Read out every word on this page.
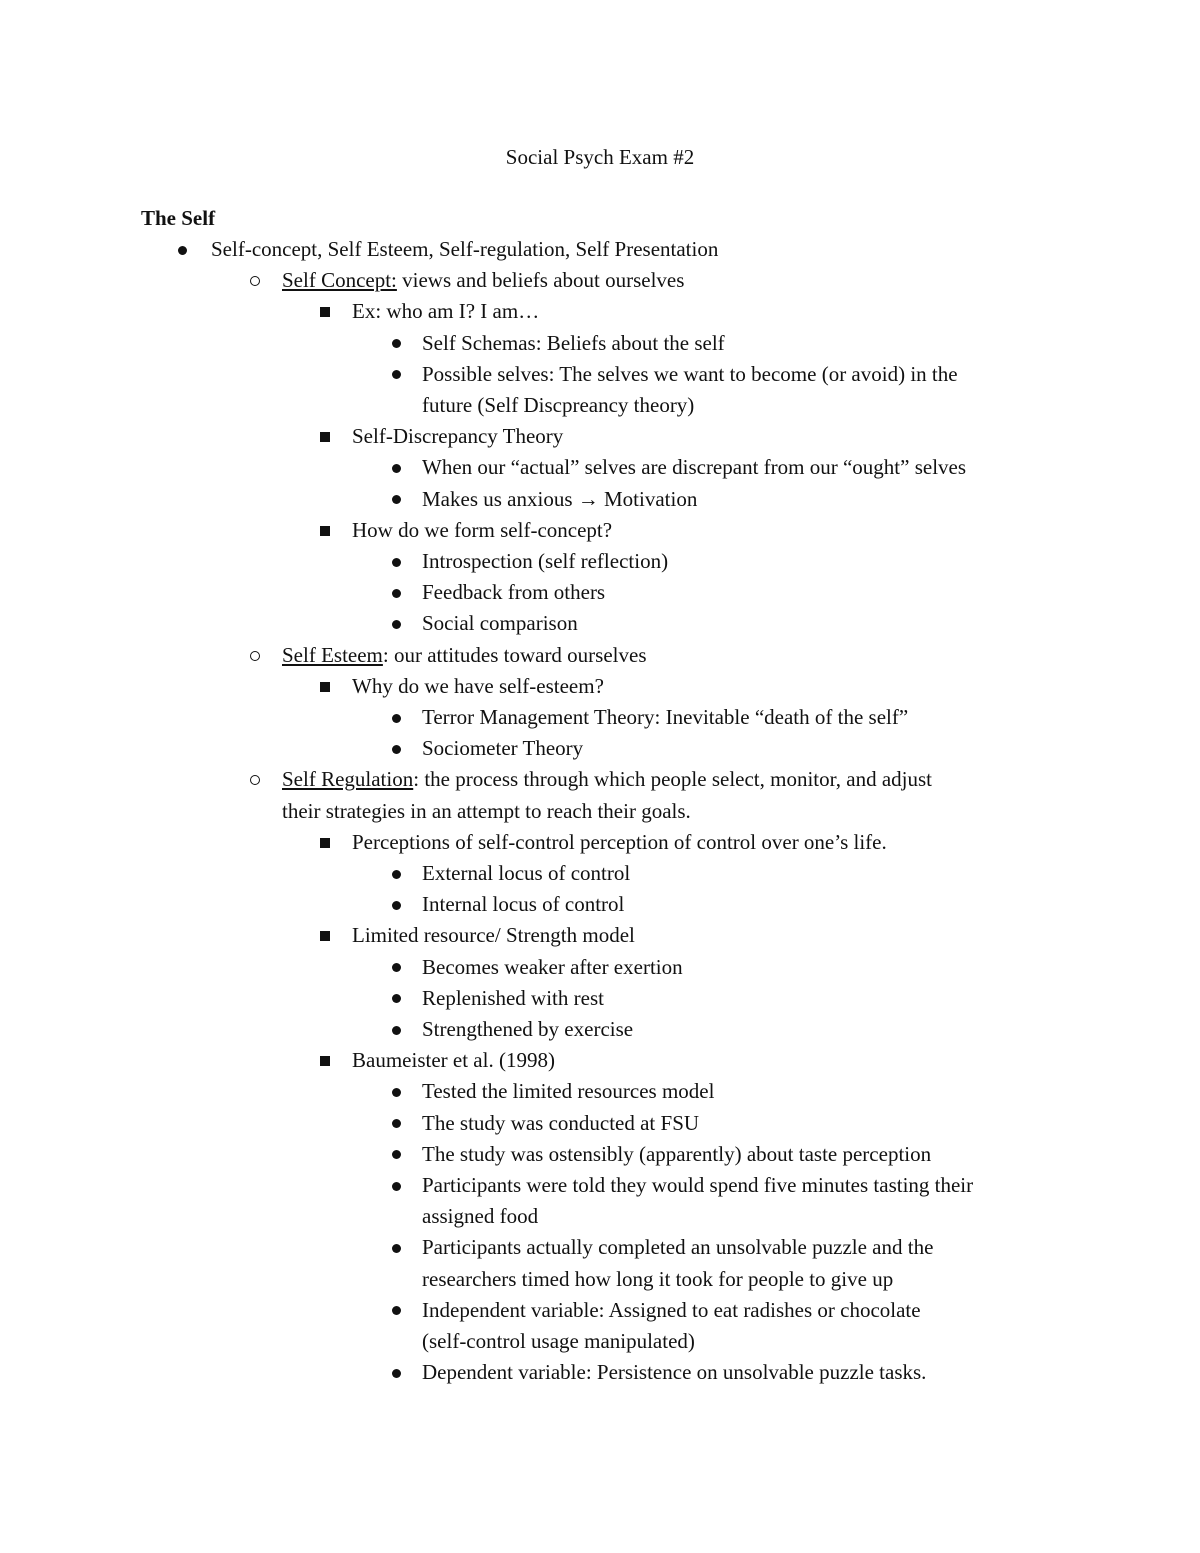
Social Psych Exam #2
The Self
Self-concept, Self Esteem, Self-regulation, Self Presentation
Self Concept: views and beliefs about ourselves
Ex: who am I? I am…
Self Schemas: Beliefs about the self
Possible selves: The selves we want to become (or avoid) in the
future (Self Discpreancy theory)
Self-Discrepancy Theory
When our “actual” selves are discrepant from our “ought” selves
Makes us anxious → Motivation
How do we form self-concept?
Introspection (self reflection)
Feedback from others
Social comparison
Self Esteem: our attitudes toward ourselves
Why do we have self-esteem?
Terror Management Theory: Inevitable “death of the self”
Sociometer Theory
Self Regulation: the process through which people select, monitor, and adjust
their strategies in an attempt to reach their goals.
Perceptions of self-control perception of control over one’s life.
External locus of control
Internal locus of control
Limited resource/ Strength model
Becomes weaker after exertion
Replenished with rest
Strengthened by exercise
Baumeister et al. (1998)
Tested the limited resources model
The study was conducted at FSU
The study was ostensibly (apparently) about taste perception
Participants were told they would spend five minutes tasting their
assigned food
Participants actually completed an unsolvable puzzle and the
researchers timed how long it took for people to give up
Independent variable: Assigned to eat radishes or chocolate
(self-control usage manipulated)
Dependent variable: Persistence on unsolvable puzzle tasks.
